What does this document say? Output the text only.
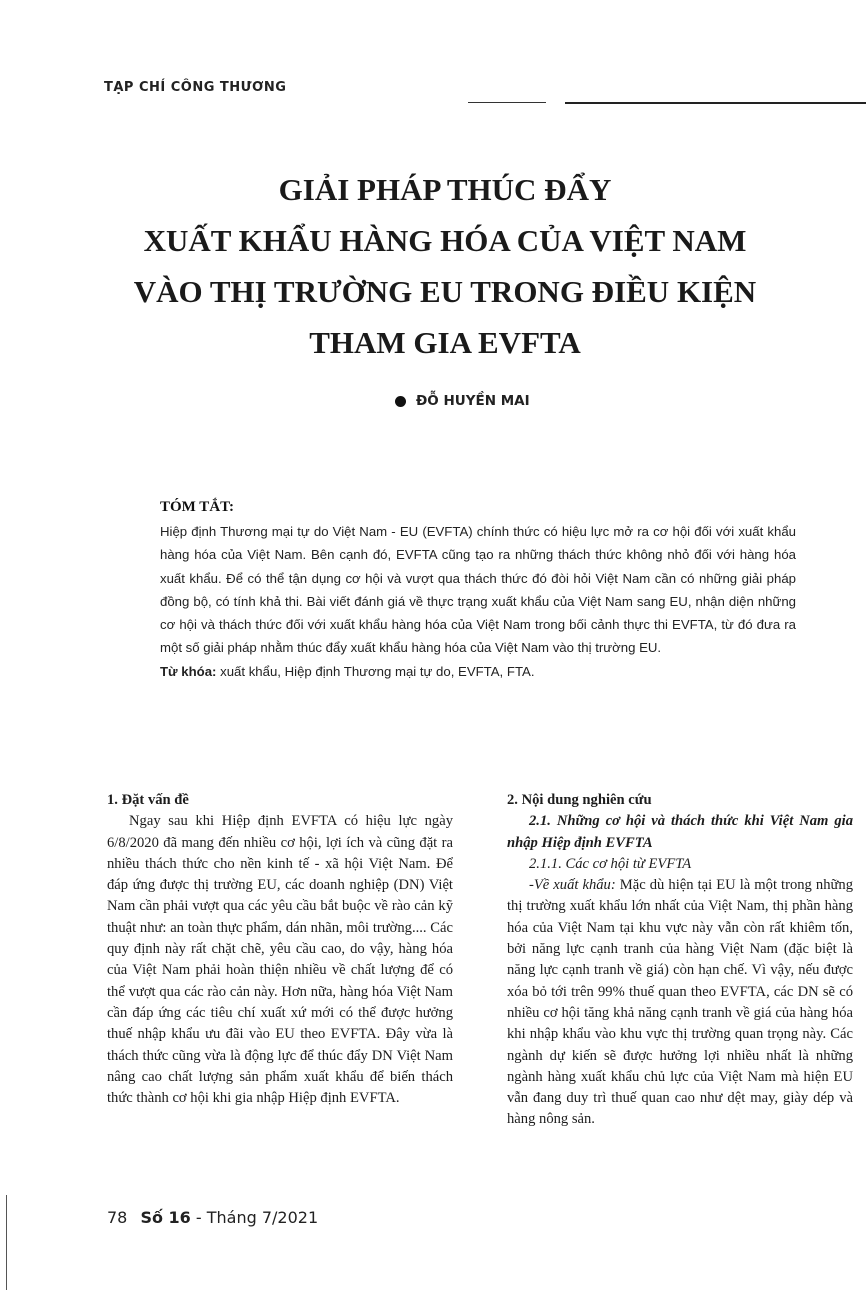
TẠP CHÍ CÔNG THƯƠNG
GIẢI PHÁP THÚC ĐẨY
XUẤT KHẨU HÀNG HÓA CỦA VIỆT NAM
VÀO THỊ TRƯỜNG EU TRONG ĐIỀU KIỆN
THAM GIA EVFTA
ĐỖ HUYỀN MAI
TÓM TẮT:

Hiệp định Thương mại tự do Việt Nam - EU (EVFTA) chính thức có hiệu lực mở ra cơ hội đối với xuất khẩu hàng hóa của Việt Nam. Bên cạnh đó, EVFTA cũng tạo ra những thách thức không nhỏ đối với hàng hóa xuất khẩu. Để có thể tận dụng cơ hội và vượt qua thách thức đó đòi hỏi Việt Nam cần có những giải pháp đồng bộ, có tính khả thi. Bài viết đánh giá về thực trạng xuất khẩu của Việt Nam sang EU, nhận diện những cơ hội và thách thức đối với xuất khẩu hàng hóa của Việt Nam trong bối cảnh thực thi EVFTA, từ đó đưa ra một số giải pháp nhằm thúc đẩy xuất khẩu hàng hóa của Việt Nam vào thị trường EU.

Từ khóa: xuất khẩu, Hiệp định Thương mại tự do, EVFTA, FTA.

1. Đặt vấn đề

Ngay sau khi Hiệp định EVFTA có hiệu lực ngày 6/8/2020 đã mang đến nhiều cơ hội, lợi ích và cũng đặt ra nhiều thách thức cho nền kinh tế - xã hội Việt Nam. Để đáp ứng được thị trường EU, các doanh nghiệp (DN) Việt Nam cần phải vượt qua các yêu cầu bắt buộc về rào cản kỹ thuật như: an toàn thực phẩm, dán nhãn, môi trường.... Các quy định này rất chặt chẽ, yêu cầu cao, do vậy, hàng hóa của Việt Nam phải hoàn thiện nhiều về chất lượng để có thể vượt qua các rào cản này. Hơn nữa, hàng hóa Việt Nam cần đáp ứng các tiêu chí xuất xứ mới có thể được hưởng thuế nhập khẩu ưu đãi vào EU theo EVFTA. Đây vừa là thách thức cũng vừa là động lực để thúc đẩy DN Việt Nam nâng cao chất lượng sản phẩm xuất khẩu để biến thách thức thành cơ hội khi gia nhập Hiệp định EVFTA.

2. Nội dung nghiên cứu

2.1. Những cơ hội và thách thức khi Việt Nam gia nhập Hiệp định EVFTA

2.1.1. Các cơ hội từ EVFTA

-Về xuất khẩu: Mặc dù hiện tại EU là một trong những thị trường xuất khẩu lớn nhất của Việt Nam, thị phần hàng hóa của Việt Nam tại khu vực này vẫn còn rất khiêm tốn, bởi năng lực cạnh tranh của hàng Việt Nam (đặc biệt là năng lực cạnh tranh về giá) còn hạn chế. Vì vậy, nếu được xóa bỏ tới trên 99% thuế quan theo EVFTA, các DN sẽ có nhiều cơ hội tăng khả năng cạnh tranh về giá của hàng hóa khi nhập khẩu vào khu vực thị trường quan trọng này. Các ngành dự kiến sẽ được hưởng lợi nhiều nhất là những ngành hàng xuất khẩu chủ lực của Việt Nam mà hiện EU vẫn đang duy trì thuế quan cao như dệt may, giày dép và hàng nông sản.

78 Số 16 - Tháng 7/2021
